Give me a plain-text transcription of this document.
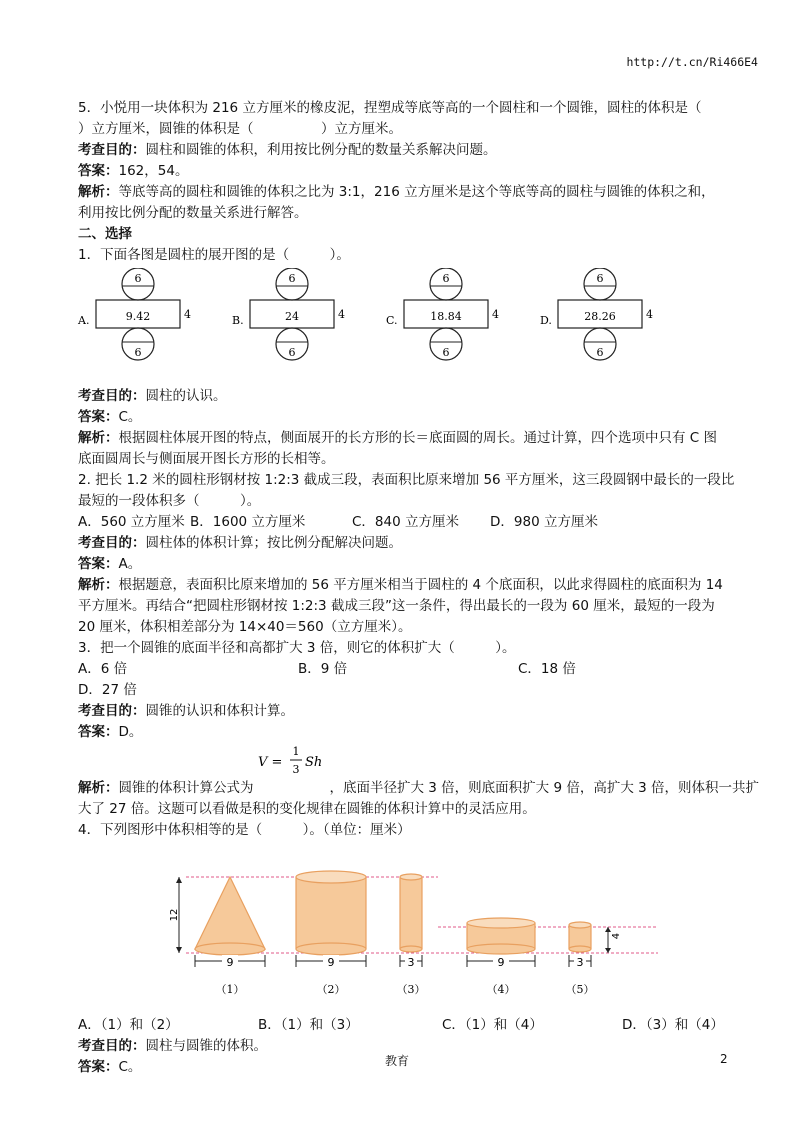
http://t.cn/Ri466E4
5．小悦用一块体积为 216 立方厘米的橡皮泥，捏塑成等底等高的一个圆柱和一个圆锥，圆柱的体积是（
）立方厘米，圆锥的体积是（　　　　　）立方厘米。
考查目的：圆柱和圆锥的体积，利用按比例分配的数量关系解决问题。
答案：162，54。
解析：等底等高的圆柱和圆锥的体积之比为 3:1，216 立方厘米是这个等底等高的圆柱与圆锥的体积之和，
利用按比例分配的数量关系进行解答。
二、选择
1．下面各图是圆柱的展开图的是（　　　）。
A.
6
9.42	4
6
B.
6
24	4
6
C.
6
18.84	4
6
D.
6
28.26	4
6
考查目的：圆柱的认识。
答案：C。
解析：根据圆柱体展开图的特点，侧面展开的长方形的长＝底面圆的周长。通过计算，四个选项中只有 C 图
底面圆周长与侧面展开图长方形的长相等。
2. 把长 1.2 米的圆柱形钢材按 1:2:3 截成三段，表面积比原来增加 56 平方厘米，这三段圆钢中最长的一段比
最短的一段体积多（　　　）。
A．560 立方厘米 B．1600 立方厘米	C．840 立方厘米	D．980 立方厘米
考查目的：圆柱体的体积计算；按比例分配解决问题。
答案：A。
解析：根据题意，表面积比原来增加的 56 平方厘米相当于圆柱的 4 个底面积，以此求得圆柱的底面积为 14
平方厘米。再结合“把圆柱形钢材按 1:2:3 截成三段”这一条件，得出最长的一段为 60 厘米，最短的一段为
20 厘米，体积相差部分为 14×40＝560（立方厘米）。
3．把一个圆锥的底面半径和高都扩大 3 倍，则它的体积扩大（　　　）。
A．6 倍	B．9 倍	C．18 倍
D．27 倍
考查目的：圆锥的认识和体积计算。
答案：D。
V =
1
3 Sh
解析：圆锥的体积计算公式为	，底面半径扩大 3 倍，则底面积扩大 9 倍，高扩大 3 倍，则体积一共扩
大了 27 倍。这题可以看做是积的变化规律在圆锥的体积计算中的灵活应用。
4．下列图形中体积相等的是（　　　）。（单位：厘米）
12
4
9	9	3	9	3
（1）	（2）	（3）	（4）	（5）
A．（1）和（2）	B．（1）和（3）	C．（1）和（4）	D．（3）和（4）
考查目的：圆柱与圆锥的体积。
答案：C。	教育	2
